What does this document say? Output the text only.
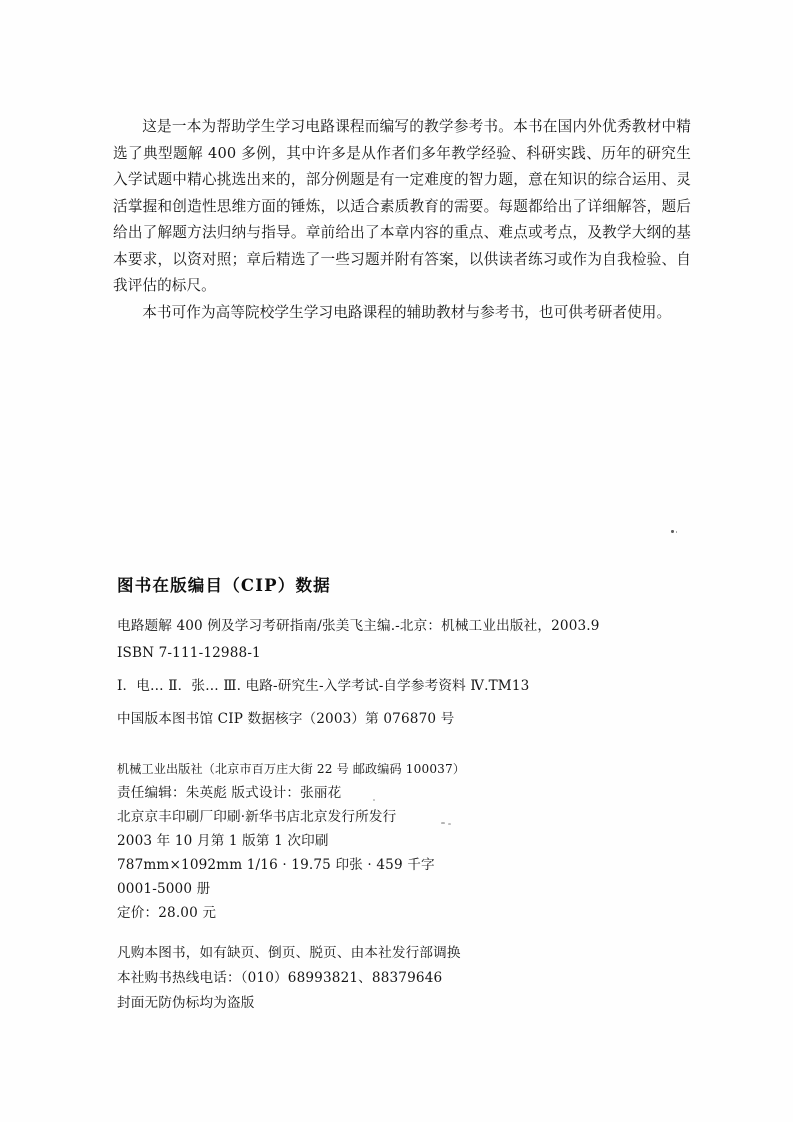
这是一本为帮助学生学习电路课程而编写的教学参考书。本书在国内外优秀教材中精选了典型题解 400 多例，其中许多是从作者们多年教学经验、科研实践、历年的研究生入学试题中精心挑选出来的，部分例题是有一定难度的智力题，意在知识的综合运用、灵活掌握和创造性思维方面的锤炼，以适合素质教育的需要。每题都给出了详细解答，题后给出了解题方法归纳与指导。章前给出了本章内容的重点、难点或考点，及教学大纲的基本要求，以资对照；章后精选了一些习题并附有答案，以供读者练习或作为自我检验、自我评估的标尺。

本书可作为高等院校学生学习电路课程的辅助教材与参考书，也可供考研者使用。

图书在版编目（CIP）数据
电路题解 400 例及学习考研指南/张美飞主编.-北京：机械工业出版社，2003.9
ISBN 7-111-12988-1
Ⅰ．电… Ⅱ．张… Ⅲ. 电路-研究生-入学考试-自学参考资料 Ⅳ.TM13
中国版本图书馆 CIP 数据核字（2003）第 076870 号
机械工业出版社（北京市百万庄大街 22 号 邮政编码 100037）
责任编辑：朱英彪 版式设计：张丽花
北京京丰印刷厂印刷·新华书店北京发行所发行
2003 年 10 月第 1 版第 1 次印刷
787mm×1092mm 1/16 · 19.75 印张 · 459 千字
0001-5000 册
定价：28.00 元
凡购本图书，如有缺页、倒页、脱页、由本社发行部调换
本社购书热线电话：（010）68993821、88379646
封面无防伪标均为盗版
